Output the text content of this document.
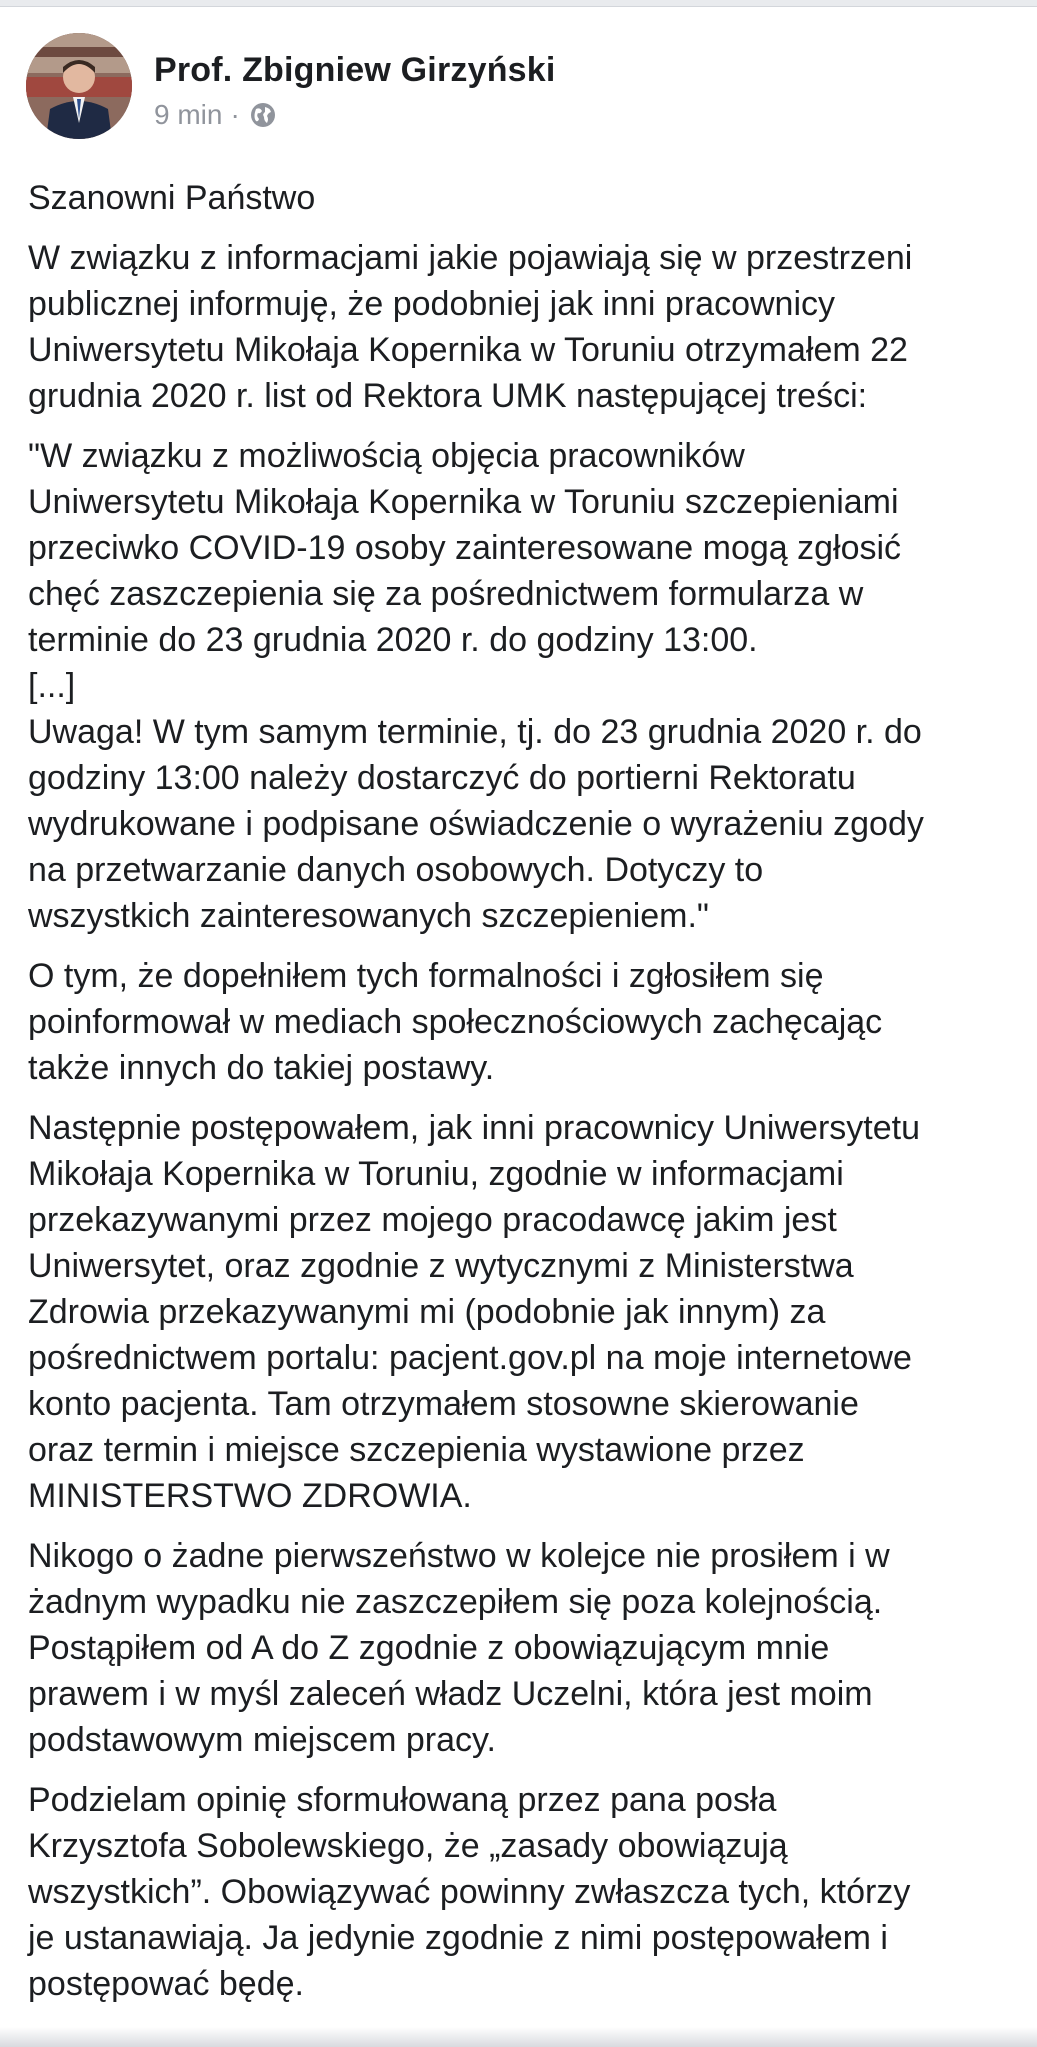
Prof. Zbigniew Girzyński
9 min ·

Szanowni Państwo

W związku z informacjami jakie pojawiają się w przestrzeni
publicznej informuję, że podobniej jak inni pracownicy
Uniwersytetu Mikołaja Kopernika w Toruniu otrzymałem 22
grudnia 2020 r. list od Rektora UMK następującej treści:

"W związku z możliwością objęcia pracowników
Uniwersytetu Mikołaja Kopernika w Toruniu szczepieniami
przeciwko COVID-19 osoby zainteresowane mogą zgłosić
chęć zaszczepienia się za pośrednictwem formularza w
terminie do 23 grudnia 2020 r. do godziny 13:00.
[...]
Uwaga! W tym samym terminie, tj. do 23 grudnia 2020 r. do
godziny 13:00 należy dostarczyć do portierni Rektoratu
wydrukowane i podpisane oświadczenie o wyrażeniu zgody
na przetwarzanie danych osobowych. Dotyczy to
wszystkich zainteresowanych szczepieniem."

O tym, że dopełniłem tych formalności i zgłosiłem się
poinformował w mediach społecznościowych zachęcając
także innych do takiej postawy.

Następnie postępowałem, jak inni pracownicy Uniwersytetu
Mikołaja Kopernika w Toruniu, zgodnie w informacjami
przekazywanymi przez mojego pracodawcę jakim jest
Uniwersytet, oraz zgodnie z wytycznymi z Ministerstwa
Zdrowia przekazywanymi mi (podobnie jak innym) za
pośrednictwem portalu: pacjent.gov.pl na moje internetowe
konto pacjenta. Tam otrzymałem stosowne skierowanie
oraz termin i miejsce szczepienia wystawione przez
MINISTERSTWO ZDROWIA.

Nikogo o żadne pierwszeństwo w kolejce nie prosiłem i w
żadnym wypadku nie zaszczepiłem się poza kolejnością.
Postąpiłem od A do Z zgodnie z obowiązującym mnie
prawem i w myśl zaleceń władz Uczelni, która jest moim
podstawowym miejscem pracy.

Podzielam opinię sformułowaną przez pana posła
Krzysztofa Sobolewskiego, że „zasady obowiązują
wszystkich”. Obowiązywać powinny zwłaszcza tych, którzy
je ustanawiają. Ja jedynie zgodnie z nimi postępowałem i
postępować będę.
